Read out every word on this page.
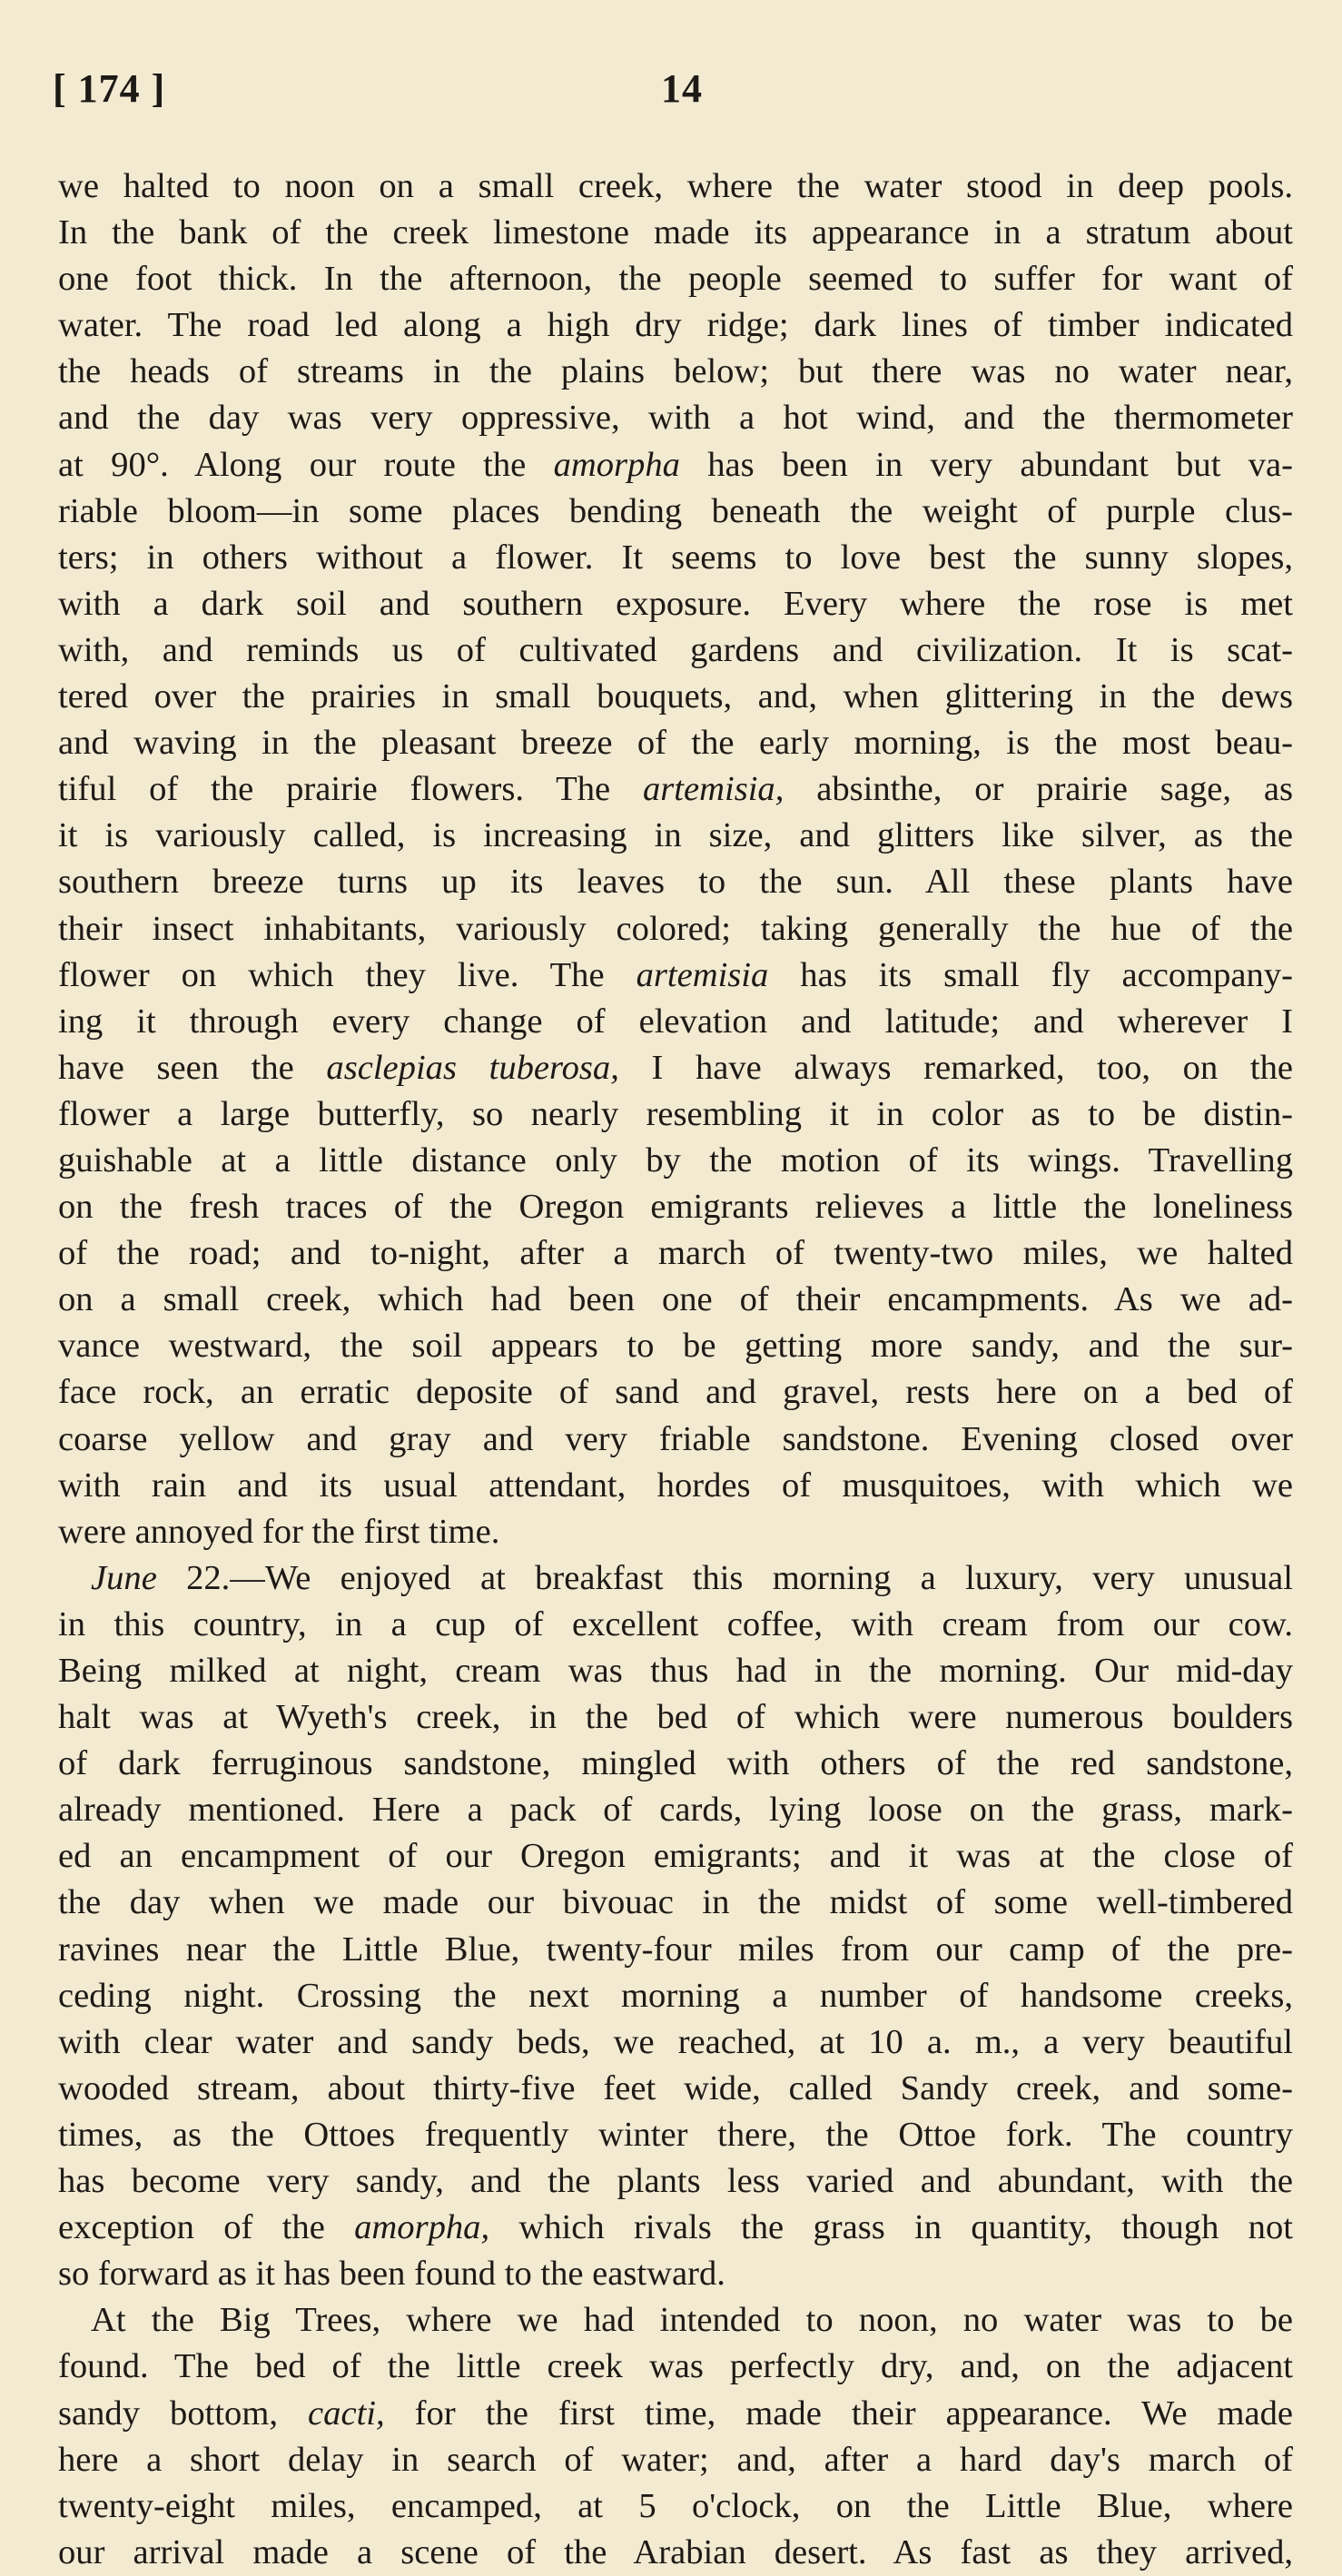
[ 174 ]	14
we halted to noon on a small creek, where the water stood in deep pools.
In the bank of the creek limestone made its appearance in a stratum about
one foot thick. In the afternoon, the people seemed to suffer for want of
water. The road led along a high dry ridge; dark lines of timber indicated
the heads of streams in the plains below; but there was no water near,
and the day was very oppressive, with a hot wind, and the thermometer
at 90°. Along our route the amorpha has been in very abundant but va-
riable bloom—in some places bending beneath the weight of purple clus-
ters; in others without a flower. It seems to love best the sunny slopes,
with a dark soil and southern exposure. Every where the rose is met
with, and reminds us of cultivated gardens and civilization. It is scat-
tered over the prairies in small bouquets, and, when glittering in the dews
and waving in the pleasant breeze of the early morning, is the most beau-
tiful of the prairie flowers. The artemisia, absinthe, or prairie sage, as
it is variously called, is increasing in size, and glitters like silver, as the
southern breeze turns up its leaves to the sun. All these plants have
their insect inhabitants, variously colored; taking generally the hue of the
flower on which they live. The artemisia has its small fly accompany-
ing it through every change of elevation and latitude; and wherever I
have seen the asclepias tuberosa, I have always remarked, too, on the
flower a large butterfly, so nearly resembling it in color as to be distin-
guishable at a little distance only by the motion of its wings. Travelling
on the fresh traces of the Oregon emigrants relieves a little the loneliness
of the road; and to-night, after a march of twenty-two miles, we halted
on a small creek, which had been one of their encampments. As we ad-
vance westward, the soil appears to be getting more sandy, and the sur-
face rock, an erratic deposite of sand and gravel, rests here on a bed of
coarse yellow and gray and very friable sandstone. Evening closed over
with rain and its usual attendant, hordes of musquitoes, with which we
were annoyed for the first time.
June 22.—We enjoyed at breakfast this morning a luxury, very unusual
in this country, in a cup of excellent coffee, with cream from our cow.
Being milked at night, cream was thus had in the morning. Our mid-day
halt was at Wyeth's creek, in the bed of which were numerous boulders
of dark ferruginous sandstone, mingled with others of the red sandstone,
already mentioned. Here a pack of cards, lying loose on the grass, mark-
ed an encampment of our Oregon emigrants; and it was at the close of
the day when we made our bivouac in the midst of some well-timbered
ravines near the Little Blue, twenty-four miles from our camp of the pre-
ceding night. Crossing the next morning a number of handsome creeks,
with clear water and sandy beds, we reached, at 10 a. m., a very beautiful
wooded stream, about thirty-five feet wide, called Sandy creek, and some-
times, as the Ottoes frequently winter there, the Ottoe fork. The country
has become very sandy, and the plants less varied and abundant, with the
exception of the amorpha, which rivals the grass in quantity, though not
so forward as it has been found to the eastward.
At the Big Trees, where we had intended to noon, no water was to be
found. The bed of the little creek was perfectly dry, and, on the adjacent
sandy bottom, cacti, for the first time, made their appearance. We made
here a short delay in search of water; and, after a hard day's march of
twenty-eight miles, encamped, at 5 o'clock, on the Little Blue, where
our arrival made a scene of the Arabian desert. As fast as they arrived,
